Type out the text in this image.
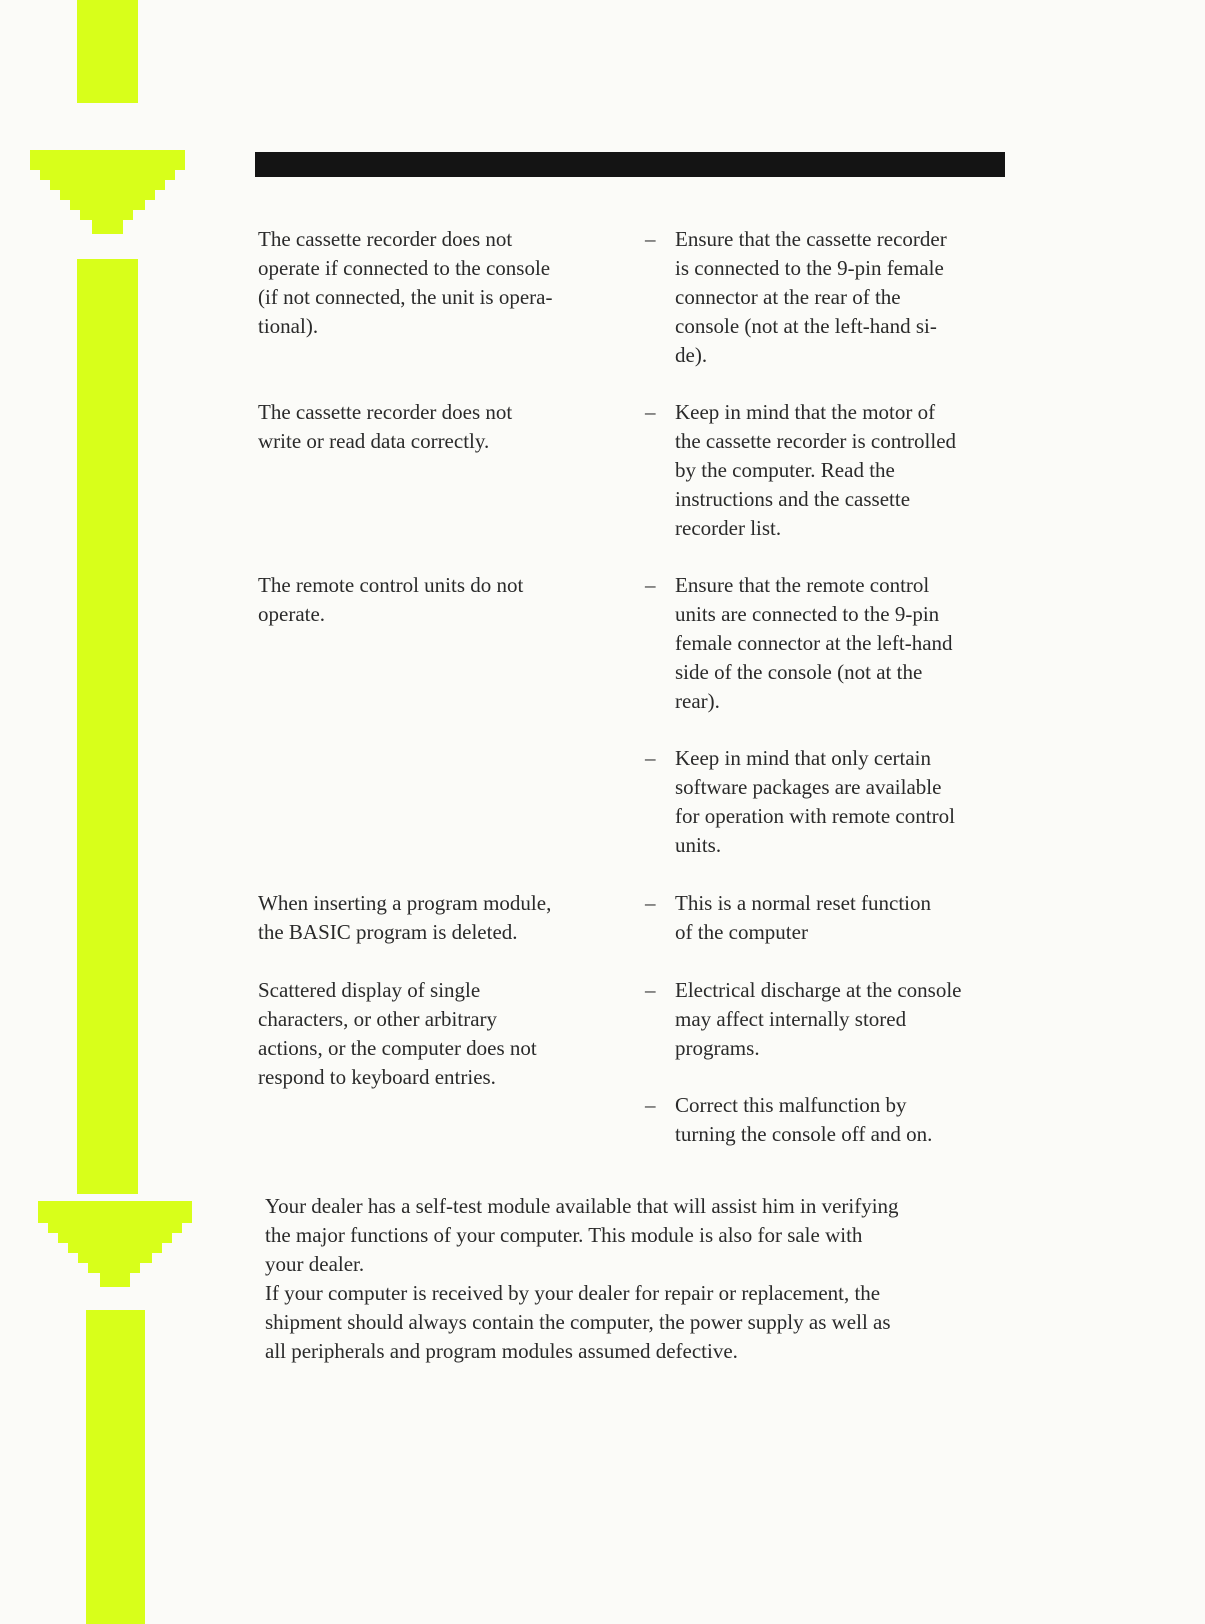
The cassette recorder does not
operate if connected to the console
(if not connected, the unit is opera-
tional).
– Ensure that the cassette recorder
is connected to the 9-pin female
connector at the rear of the
console (not at the left-hand si-
de).
The cassette recorder does not
write or read data correctly.
– Keep in mind that the motor of
the cassette recorder is controlled
by the computer. Read the
instructions and the cassette
recorder list.
The remote control units do not
operate.
– Ensure that the remote control
units are connected to the 9-pin
female connector at the left-hand
side of the console (not at the
rear).
– Keep in mind that only certain
software packages are available
for operation with remote control
units.
When inserting a program module,
the BASIC program is deleted.
– This is a normal reset function
of the computer
Scattered display of single
characters, or other arbitrary
actions, or the computer does not
respond to keyboard entries.
– Electrical discharge at the console
may affect internally stored
programs.
– Correct this malfunction by
turning the console off and on.

Your dealer has a self-test module available that will assist him in verifying
the major functions of your computer. This module is also for sale with
your dealer.

If your computer is received by your dealer for repair or replacement, the
shipment should always contain the computer, the power supply as well as
all peripherals and program modules assumed defective.
